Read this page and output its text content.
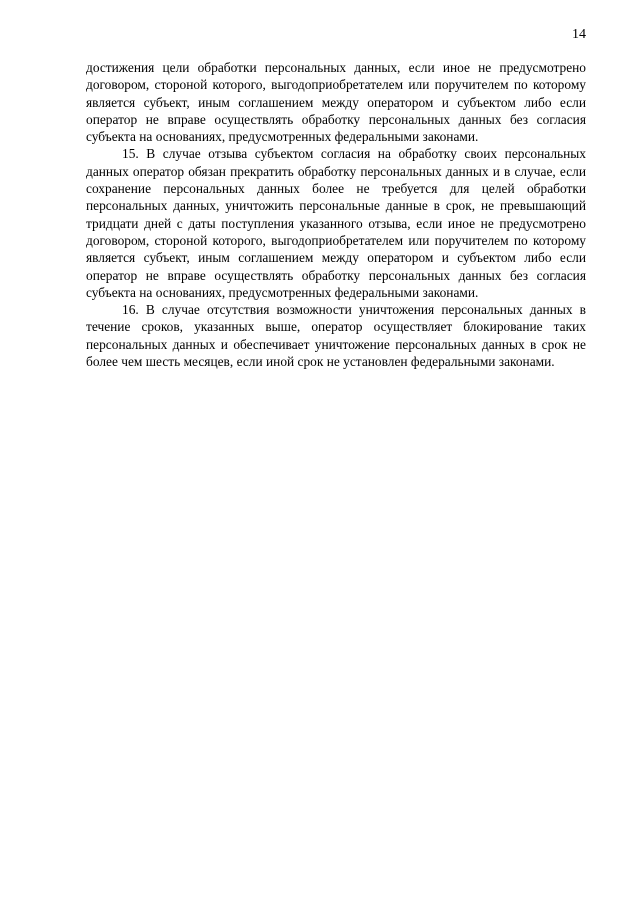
14

достижения цели обработки персональных данных, если иное не предусмотрено договором, стороной которого, выгодоприобретателем или поручителем по которому является субъект, иным соглашением между оператором и субъектом либо если оператор не вправе осуществлять обработку персональных данных без согласия субъекта на основаниях, предусмотренных федеральными законами.

15. В случае отзыва субъектом согласия на обработку своих персональных данных оператор обязан прекратить обработку персональных данных и в случае, если сохранение персональных данных более не требуется для целей обработки персональных данных, уничтожить персональные данные в срок, не превышающий тридцати дней с даты поступления указанного отзыва, если иное не предусмотрено договором, стороной которого, выгодоприобретателем или поручителем по которому является субъект, иным соглашением между оператором и субъектом либо если оператор не вправе осуществлять обработку персональных данных без согласия субъекта на основаниях, предусмотренных федеральными законами.

16. В случае отсутствия возможности уничтожения персональных данных в течение сроков, указанных выше, оператор осуществляет блокирование таких персональных данных и обеспечивает уничтожение персональных данных в срок не более чем шесть месяцев, если иной срок не установлен федеральными законами.
